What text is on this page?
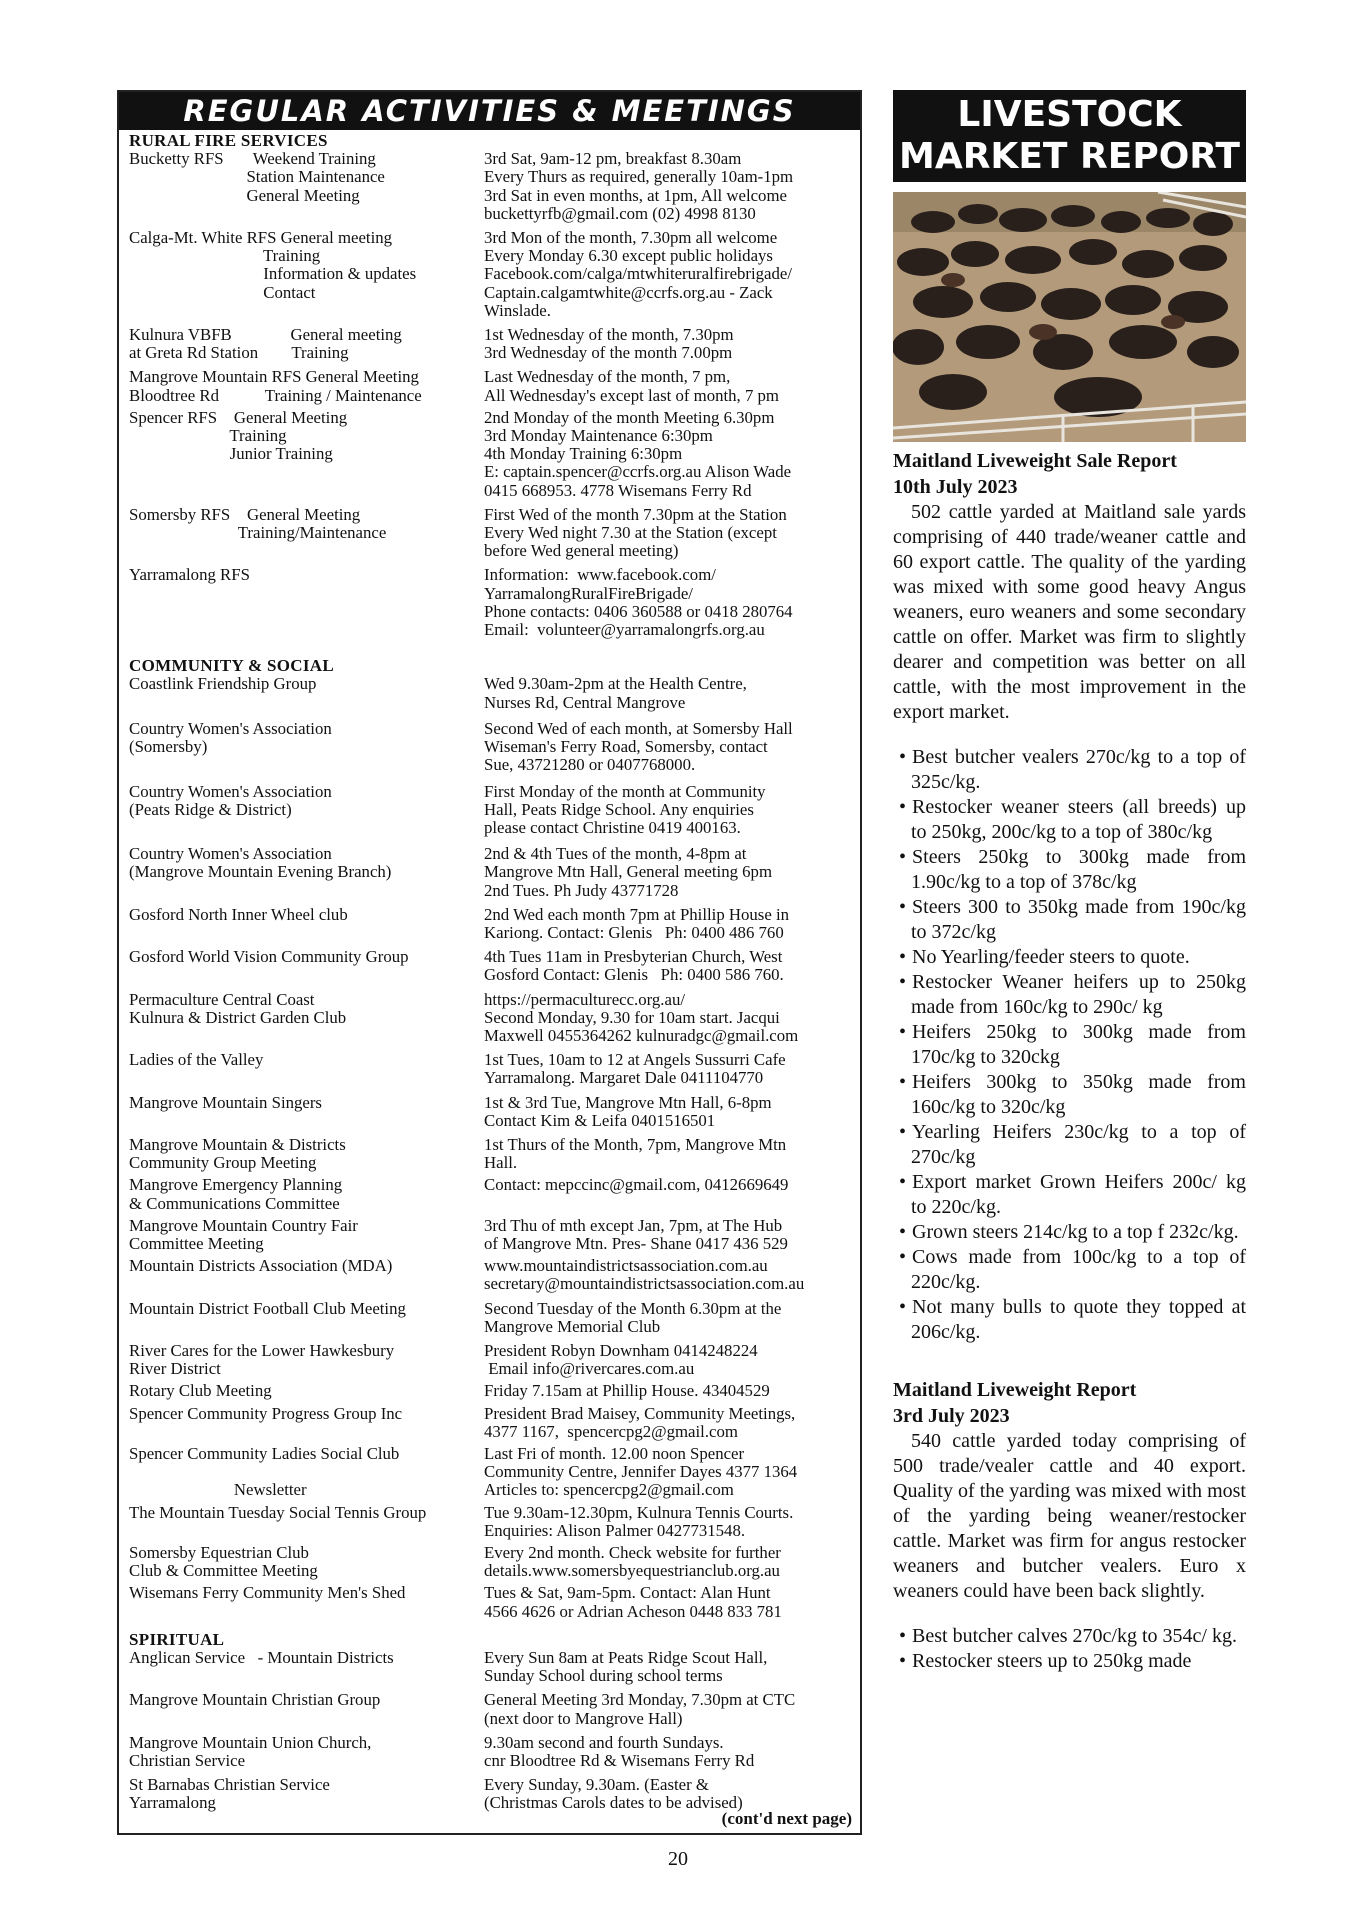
REGULAR ACTIVITIES & MEETINGS
RURAL FIRE SERVICES
Bucketty RFS       Weekend Training	3rd Sat, 9am-12 pm, breakfast 8.30am
Station Maintenance	Every Thurs as required, generally 10am-1pm
General Meeting	3rd Sat in even months, at 1pm, All welcome
buckettyrfb@gmail.com (02) 4998 8130
Calga-Mt. White RFS General meeting	3rd Mon of the month, 7.30pm all welcome
Training	Every Monday 6.30 except public holidays
Information & updates	Facebook.com/calga/mtwhiteruralfirebrigade/
Contact	Captain.calgamtwhite@ccrfs.org.au - Zack
Winslade.
Kulnura VBFB              General meeting	1st Wednesday of the month, 7.30pm
at Greta Rd Station        Training	3rd Wednesday of the month 7.00pm
Mangrove Mountain RFS General Meeting	Last Wednesday of the month, 7 pm,
Bloodtree Rd           Training / Maintenance	All Wednesday's except last of month, 7 pm
Spencer RFS    General Meeting	2nd Monday of the month Meeting 6.30pm
Training	3rd Monday Maintenance 6:30pm
Junior Training	4th Monday Training 6:30pm
E: captain.spencer@ccrfs.org.au Alison Wade
0415 668953. 4778 Wisemans Ferry Rd
Somersby RFS    General Meeting	First Wed of the month 7.30pm at the Station
Training/Maintenance	Every Wed night 7.30 at the Station (except
before Wed general meeting)
Yarramalong RFS	Information:  www.facebook.com/
YarramalongRuralFireBrigade/
Phone contacts: 0406 360588 or 0418 280764
Email:  volunteer@yarramalongrfs.org.au
COMMUNITY & SOCIAL
Coastlink Friendship Group	Wed 9.30am-2pm at the Health Centre,
Nurses Rd, Central Mangrove
Country Women's Association	Second Wed of each month, at Somersby Hall
(Somersby)	Wiseman's Ferry Road, Somersby, contact
Sue, 43721280 or 0407768000.
Country Women's Association	First Monday of the month at Community
(Peats Ridge & District)	Hall, Peats Ridge School. Any enquiries
please contact Christine 0419 400163.
Country Women's Association	2nd & 4th Tues of the month, 4-8pm at
(Mangrove Mountain Evening Branch)	Mangrove Mtn Hall, General meeting 6pm
2nd Tues. Ph Judy 43771728
Gosford North Inner Wheel club	2nd Wed each month 7pm at Phillip House in
Kariong. Contact: Glenis   Ph: 0400 486 760
Gosford World Vision Community Group	4th Tues 11am in Presbyterian Church, West
Gosford Contact: Glenis   Ph: 0400 586 760.
Permaculture Central Coast	https://permaculturecc.org.au/
Kulnura & District Garden Club	Second Monday, 9.30 for 10am start. Jacqui
Maxwell 0455364262 kulnuradgc@gmail.com
Ladies of the Valley	1st Tues, 10am to 12 at Angels Sussurri Cafe
Yarramalong. Margaret Dale 0411104770
Mangrove Mountain Singers	1st & 3rd Tue, Mangrove Mtn Hall, 6-8pm
Contact Kim & Leifa 0401516501
Mangrove Mountain & Districts	1st Thurs of the Month, 7pm, Mangrove Mtn
Community Group Meeting	Hall.
Mangrove Emergency Planning	Contact: mepccinc@gmail.com, 0412669649
& Communications Committee
Mangrove Mountain Country Fair	3rd Thu of mth except Jan, 7pm, at The Hub
Committee Meeting	of Mangrove Mtn. Pres- Shane 0417 436 529
Mountain Districts Association (MDA)	www.mountaindistrictsassociation.com.au
secretary@mountaindistrictsassociation.com.au
Mountain District Football Club Meeting	Second Tuesday of the Month 6.30pm at the
Mangrove Memorial Club
River Cares for the Lower Hawkesbury	President Robyn Downham 0414248224
River District	Email info@rivercares.com.au
Rotary Club Meeting	Friday 7.15am at Phillip House. 43404529
Spencer Community Progress Group Inc	President Brad Maisey, Community Meetings,
4377 1167,  spencercpg2@gmail.com
Spencer Community Ladies Social Club	Last Fri of month. 12.00 noon Spencer
Community Centre, Jennifer Dayes 4377 1364
Newsletter	Articles to: spencercpg2@gmail.com
The Mountain Tuesday Social Tennis Group	Tue 9.30am-12.30pm, Kulnura Tennis Courts.
Enquiries: Alison Palmer 0427731548.
Somersby Equestrian Club	Every 2nd month. Check website for further
Club & Committee Meeting	details.www.somersbyequestrianclub.org.au
Wisemans Ferry Community Men's Shed	Tues & Sat, 9am-5pm. Contact: Alan Hunt
4566 4626 or Adrian Acheson 0448 833 781
SPIRITUAL
Anglican Service   - Mountain Districts	Every Sun 8am at Peats Ridge Scout Hall,
Sunday School during school terms
Mangrove Mountain Christian Group	General Meeting 3rd Monday, 7.30pm at CTC
(next door to Mangrove Hall)
Mangrove Mountain Union Church,	9.30am second and fourth Sundays.
Christian Service	cnr Bloodtree Rd & Wisemans Ferry Rd
St Barnabas Christian Service	Every Sunday, 9.30am. (Easter &
Yarramalong	(Christmas Carols dates to be advised)
(cont'd next page)
20
LIVESTOCK
MARKET REPORT
Maitland Liveweight Sale Report
10th July 2023

502 cattle yarded at Maitland sale yards comprising of 440 trade/weaner cattle and 60 export cattle. The quality of the yarding was mixed with some good heavy Angus weaners, euro weaners and some secondary cattle on offer. Market was firm to slightly dearer and competition was better on all cattle, with the most improvement in the export market.

• Best butcher vealers 270c/kg to a top of 325c/kg.
• Restocker weaner steers (all breeds) up to 250kg, 200c/kg to a top of 380c/kg
• Steers 250kg to 300kg made from 1.90c/kg to a top of 378c/kg
• Steers 300 to 350kg made from 190c/kg to 372c/kg
• No Yearling/feeder steers to quote.
• Restocker Weaner heifers up to 250kg made from 160c/kg to 290c/ kg
• Heifers 250kg to 300kg made from 170c/kg to 320ckg
• Heifers 300kg to 350kg made from 160c/kg to 320c/kg
• Yearling Heifers 230c/kg to a top of 270c/kg
• Export market Grown Heifers 200c/ kg to 220c/kg.
• Grown steers 214c/kg to a top f 232c/kg.
• Cows made from 100c/kg to a top of 220c/kg.
• Not many bulls to quote they topped at 206c/kg.
Maitland Liveweight Report
3rd July 2023

540 cattle yarded today comprising of 500 trade/vealer cattle and 40 export. Quality of the yarding was mixed with most of the yarding being weaner/restocker cattle. Market was firm for angus restocker weaners and butcher vealers. Euro x weaners could have been back slightly.

• Best butcher calves 270c/kg to 354c/ kg.
• Restocker steers up to 250kg made
